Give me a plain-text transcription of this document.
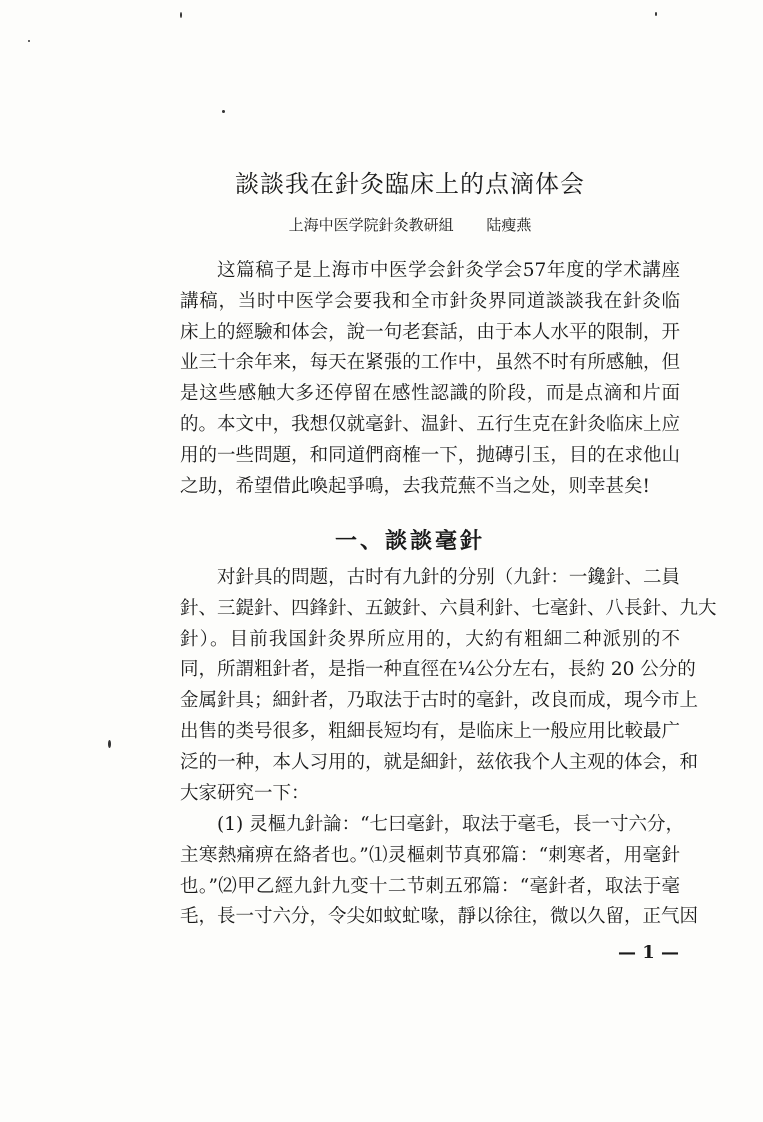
談談我在針灸臨床上的点滴体会
上海中医学院針灸教研組 陆瘦燕
这篇稿子是上海市中医学会針灸学会57年度的学术講座
講稿，当时中医学会要我和全市針灸界同道談談我在針灸临
床上的經驗和体会，說一句老套話，由于本人水平的限制，开
业三十余年来，每天在紧張的工作中，虽然不时有所感触，但
是这些感触大多还停留在感性認識的阶段，而是点滴和片面
的。本文中，我想仅就毫針、温針、五行生克在針灸临床上应
用的一些問題，和同道們商榷一下，抛磚引玉，目的在求他山
之助，希望借此喚起爭鳴，去我荒蕪不当之处，则幸甚矣!
一、談談毫針
对針具的問题，古时有九針的分别（九針：一鑱針、二員
針、三鍉針、四鋒針、五鈹針、六員利針、七毫針、八長針、九大
針）。目前我国針灸界所应用的，大約有粗細二种派别的不
同，所謂粗針者，是指一种直徑在¼公分左右，長約 20 公分的
金属針具；細針者，乃取法于古时的毫針，改良而成，現今市上
出售的类号很多，粗細長短均有，是临床上一般应用比較最广
泛的一种，本人习用的，就是細針，兹依我个人主观的体会，和
大家研究一下：
(1) 灵樞九針論：“七曰毫針，取法于毫毛，長一寸六分，
主寒熱痛痹在絡者也。”⑴灵樞刺节真邪篇：“刺寒者，用毫針
也。”⑵甲乙經九針九变十二节刺五邪篇：“毫針者，取法于毫
毛，長一寸六分，令尖如蚊虻喙，靜以徐往，微以久留，正气因
— 1 —
